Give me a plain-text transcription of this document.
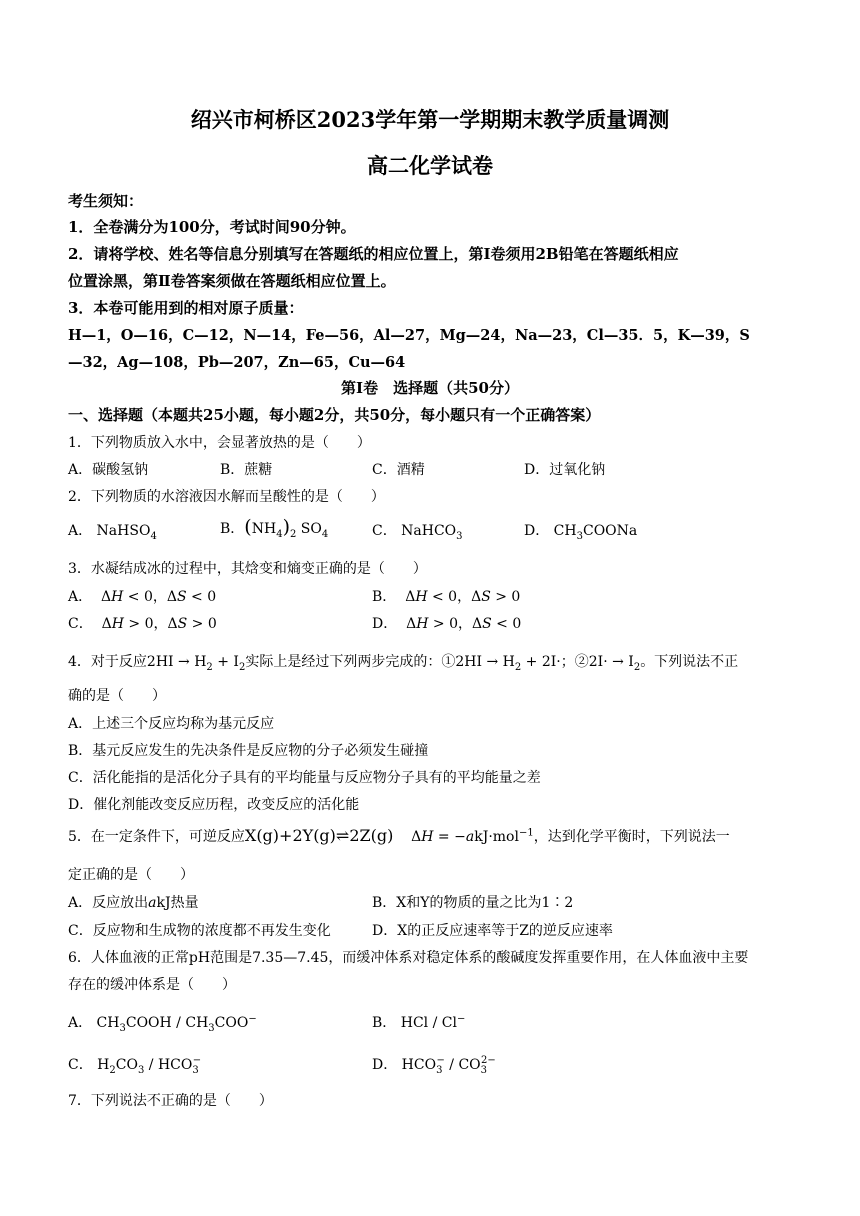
绍兴市柯桥区2023学年第一学期期末教学质量调测
高二化学试卷
考生须知：
1．全卷满分为100分，考试时间90分钟。
2．请将学校、姓名等信息分别填写在答题纸的相应位置上，第Ⅰ卷须用2B铅笔在答题纸相应
位置涂黑，第Ⅱ卷答案须做在答题纸相应位置上。
3．本卷可能用到的相对原子质量：
H—1，O—16，C—12，N—14，Fe—56，Al—27，Mg—24，Na—23，Cl—35．5，K—39，S
—32，Ag—108，Pb—207，Zn—65，Cu—64
第Ⅰ卷　选择题（共50分）
一、选择题（本题共25小题，每小题2分，共50分，每小题只有一个正确答案）
1．下列物质放入水中，会显著放热的是（　　）
A．碳酸氢钠	B．蔗糖	C．酒精	D．过氧化钠
2．下列物质的水溶液因水解而呈酸性的是（　　）
A． NaHSO$_4$	B．$(NH_4)_2$ $SO_4$	C． NaHCO$_3$	D． $CH_3COONa$
3．水凝结成冰的过程中，其焓变和熵变正确的是（　　）
A．  ΔH < 0，ΔS < 0	B．  ΔH < 0，ΔS > 0
C．  ΔH > 0，ΔS > 0	D．  ΔH > 0，ΔS < 0
4．对于反应$2HI \to H_2 + I_2$实际上是经过下列两步完成的：①2HI → $H_2 + 2I\cdot$；②2I· → $I_2$。下列说法不正
确的是（　　）
A．上述三个反应均称为基元反应
B．基元反应发生的先决条件是反应物的分子必须发生碰撞
C．活化能指的是活化分子具有的平均能量与反应物分子具有的平均能量之差
D．催化剂能改变反应历程，改变反应的活化能
5．在一定条件下，可逆反应X(g)+2Y(g)⇌2Z(g)    ΔH = −akJ·mol$^{-1}$，达到化学平衡时，下列说法一
定正确的是（　　）
A．反应放出akJ热量	B．X和Y的物质的量之比为1∶2
C．反应物和生成物的浓度都不再发生变化	D．X的正反应速率等于Z的逆反应速率
6．人体血液的正常pH范围是7.35—7.45，而缓冲体系对稳定体系的酸碱度发挥重要作用，在人体血液中主要
存在的缓冲体系是（　　）
A． $CH_3COOH / CH_3COO^-$	B． HCl / Cl−
C． $H_2CO_3 / HCO_3^-$	D． $HCO_3^- / CO_3^{2-}$
7．下列说法不正确的是（　　）
